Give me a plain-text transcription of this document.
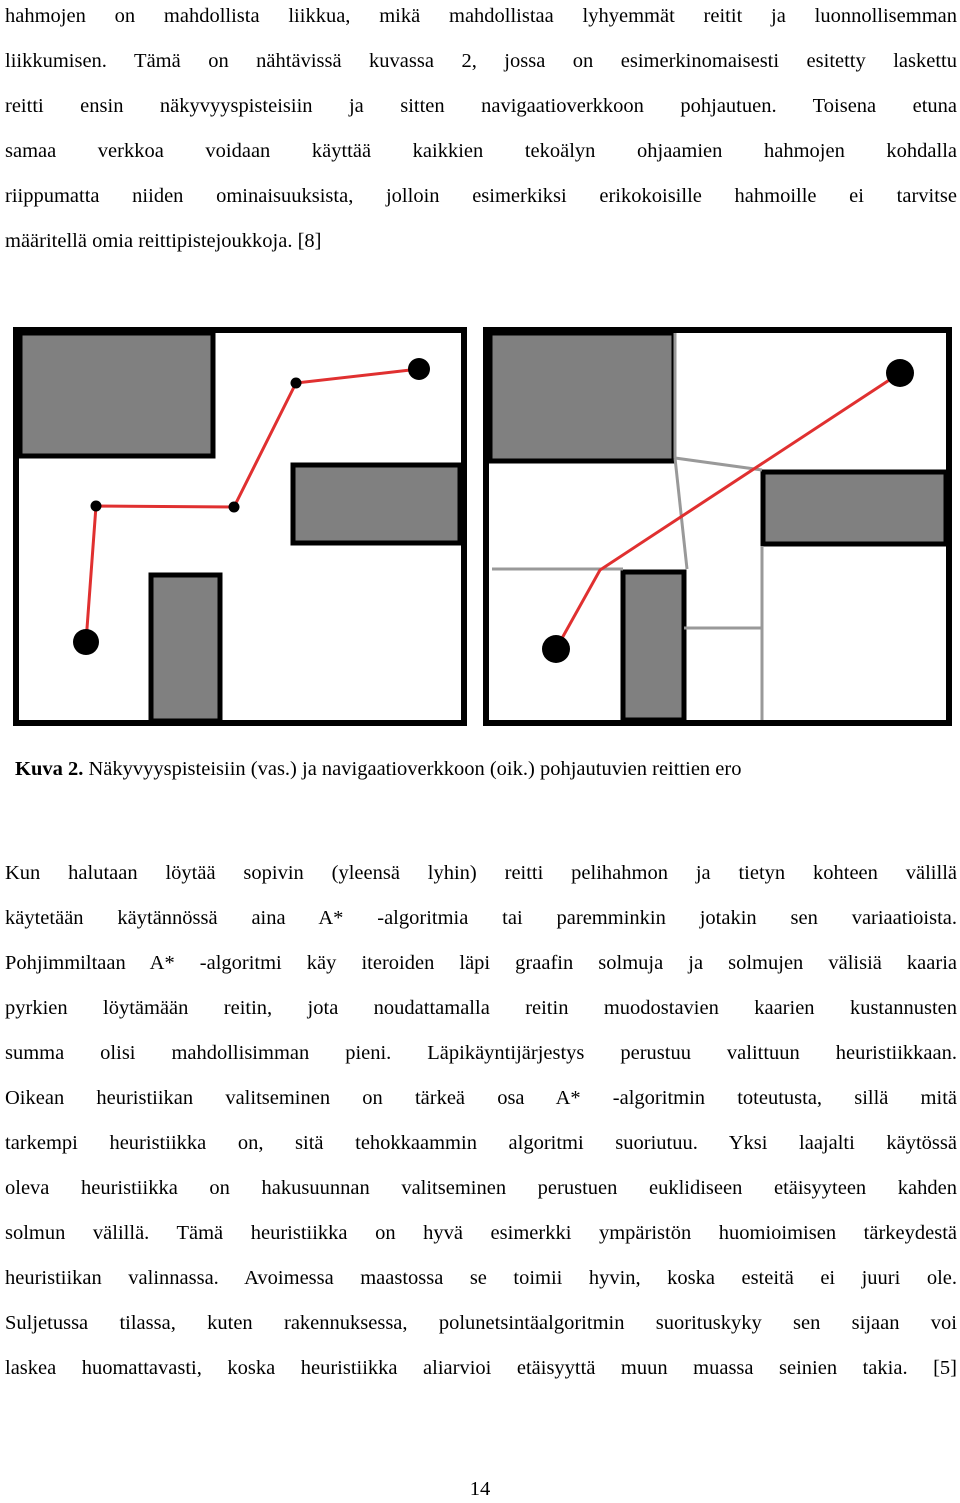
hahmojen on mahdollista liikkua, mikä mahdollistaa lyhyemmät reitit ja luonnollisemman
liikkumisen. Tämä on nähtävissä kuvassa 2, jossa on esimerkinomaisesti esitetty laskettu
reitti ensin näkyvyyspisteisiin ja sitten navigaatioverkkoon pohjautuen. Toisena etuna
samaa verkkoa voidaan käyttää kaikkien tekoälyn ohjaamien hahmojen kohdalla
riippumatta niiden ominaisuuksista, jolloin esimerkiksi erikokoisille hahmoille ei tarvitse
määritellä omia reittipistejoukkoja. [8]
Kuva 2. Näkyvyyspisteisiin (vas.) ja navigaatioverkkoon (oik.) pohjautuvien reittien ero
Kun halutaan löytää sopivin (yleensä lyhin) reitti pelihahmon ja tietyn kohteen välillä
käytetään käytännössä aina A* -algoritmia tai paremminkin jotakin sen variaatioista.
Pohjimmiltaan A* -algoritmi käy iteroiden läpi graafin solmuja ja solmujen välisiä kaaria
pyrkien löytämään reitin, jota noudattamalla reitin muodostavien kaarien kustannusten
summa olisi mahdollisimman pieni. Läpikäyntijärjestys perustuu valittuun heuristiikkaan.
Oikean heuristiikan valitseminen on tärkeä osa A* -algoritmin toteutusta, sillä mitä
tarkempi heuristiikka on, sitä tehokkaammin algoritmi suoriutuu. Yksi laajalti käytössä
oleva heuristiikka on hakusuunnan valitseminen perustuen euklidiseen etäisyyteen kahden
solmun välillä. Tämä heuristiikka on hyvä esimerkki ympäristön huomioimisen tärkeydestä
heuristiikan valinnassa. Avoimessa maastossa se toimii hyvin, koska esteitä ei juuri ole.
Suljetussa tilassa, kuten rakennuksessa, polunetsintäalgoritmin suorituskyky sen sijaan voi
laskea huomattavasti, koska heuristiikka aliarvioi etäisyyttä muun muassa seinien takia. [5]
14
